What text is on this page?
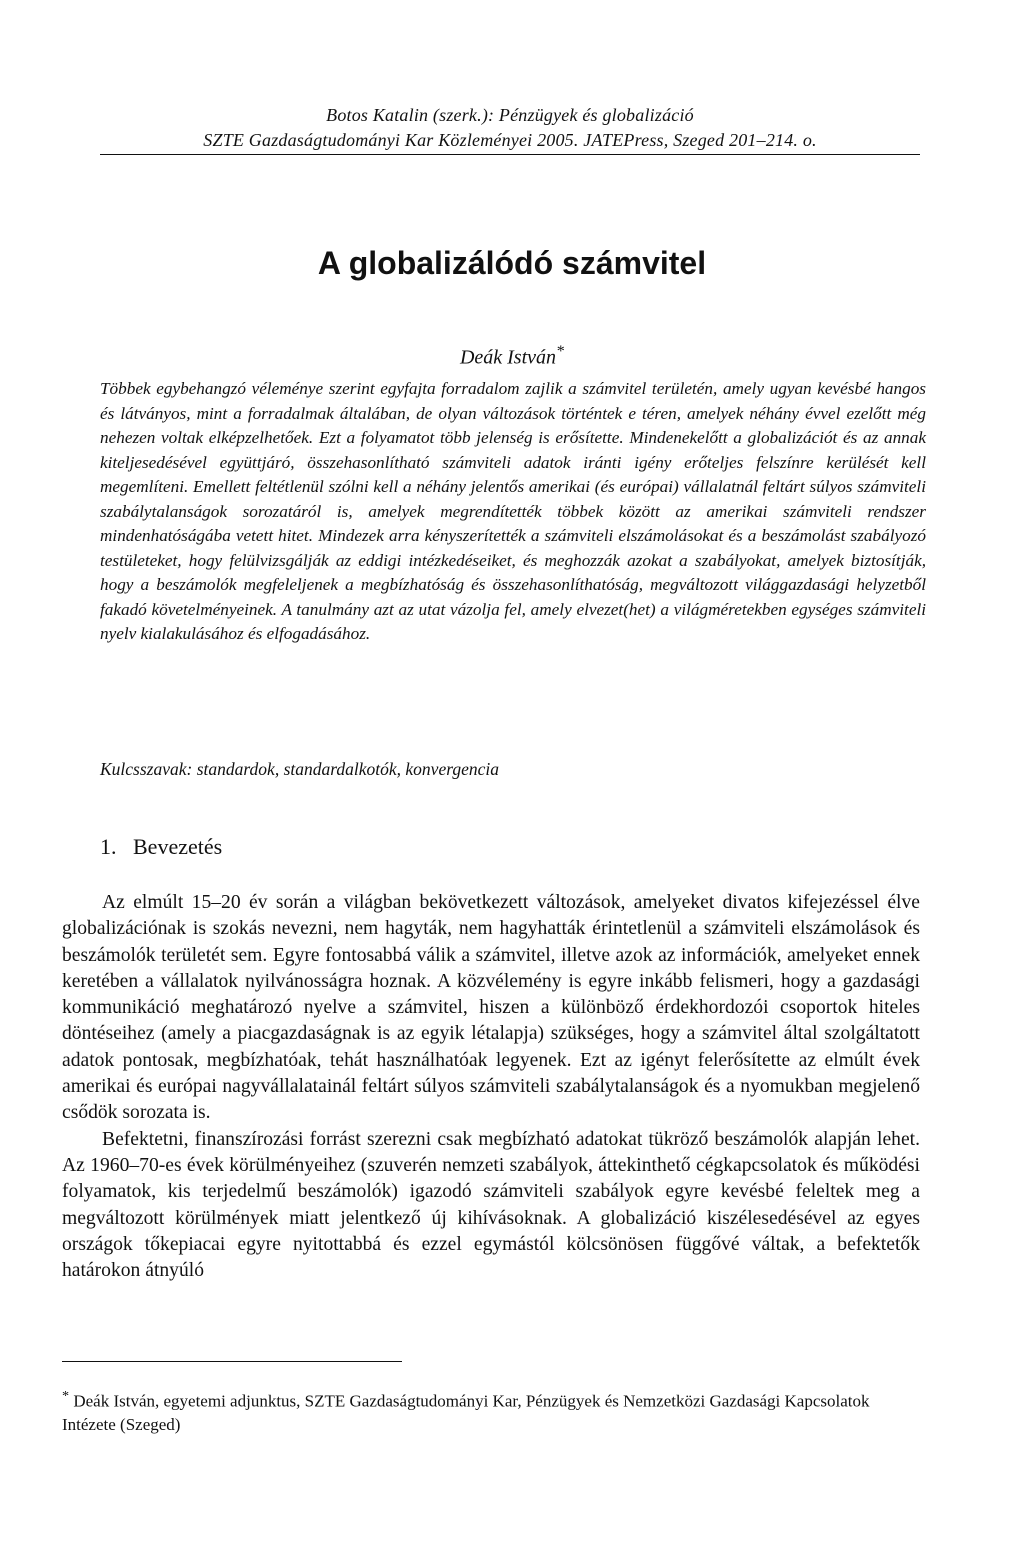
Botos Katalin (szerk.): Pénzügyek és globalizáció
SZTE Gazdaságtudományi Kar Közleményei 2005. JATEPress, Szeged 201–214. o.
A globalizálódó számvitel
Deák István*

Többek egybehangzó véleménye szerint egyfajta forradalom zajlik a számvitel területén, amely ugyan kevésbé hangos és látványos, mint a forradalmak általában, de olyan változások történtek e téren, amelyek néhány évvel ezelőtt még nehezen voltak elképzelhetőek. Ezt a folyamatot több jelenség is erősítette. Mindenekelőtt a globalizációt és az annak kiteljesedésével együttjáró, összehasonlítható számviteli adatok iránti igény erőteljes felszínre kerülését kell megemlíteni. Emellett feltétlenül szólni kell a néhány jelentős amerikai (és európai) vállalatnál feltárt súlyos számviteli szabálytalanságok sorozatáról is, amelyek megrendítették többek között az amerikai számviteli rendszer mindenhatóságába vetett hitet. Mindezek arra kényszerítették a számviteli elszámolásokat és a beszámolást szabályozó testületeket, hogy felülvizsgálják az eddigi intézkedéseiket, és meghozzák azokat a szabályokat, amelyek biztosítják, hogy a beszámolók megfeleljenek a megbízhatóság és összehasonlíthatóság, megváltozott világgazdasági helyzetből fakadó követelményeinek. A tanulmány azt az utat vázolja fel, amely elvezet(het) a világméretekben egységes számviteli nyelv kialakulásához és elfogadásához.

Kulcsszavak: standardok, standardalkotók, konvergencia

1. Bevezetés

Az elmúlt 15–20 év során a világban bekövetkezett változások, amelyeket divatos kifejezéssel élve globalizációnak is szokás nevezni, nem hagyták, nem hagyhatták érintetlenül a számviteli elszámolások és beszámolók területét sem. Egyre fontosabbá válik a számvitel, illetve azok az információk, amelyeket ennek keretében a vállalatok nyilvánosságra hoznak. A közvélemény is egyre inkább felismeri, hogy a gazdasági kommunikáció meghatározó nyelve a számvitel, hiszen a különböző érdekhordozói csoportok hiteles döntéseihez (amely a piacgazdaságnak is az egyik létalapja) szükséges, hogy a számvitel által szolgáltatott adatok pontosak, megbízhatóak, tehát használhatóak legyenek. Ezt az igényt felerősítette az elmúlt évek amerikai és európai nagyvállalatainál feltárt súlyos számviteli szabálytalanságok és a nyomukban megjelenő csődök sorozata is.

Befektetni, finanszírozási forrást szerezni csak megbízható adatokat tükröző beszámolók alapján lehet. Az 1960–70-es évek körülményeihez (szuverén nemzeti szabályok, áttekinthető cégkapcsolatok és működési folyamatok, kis terjedelmű beszámolók) igazodó számviteli szabályok egyre kevésbé feleltek meg a megváltozott körülmények miatt jelentkező új kihívásoknak. A globalizáció kiszélesedésével az egyes országok tőkepiacai egyre nyitottabbá és ezzel egymástól kölcsönösen függővé váltak, a befektetők határokon átnyúló

* Deák István, egyetemi adjunktus, SZTE Gazdaságtudományi Kar, Pénzügyek és Nemzetközi Gazdasági Kapcsolatok Intézete (Szeged)
